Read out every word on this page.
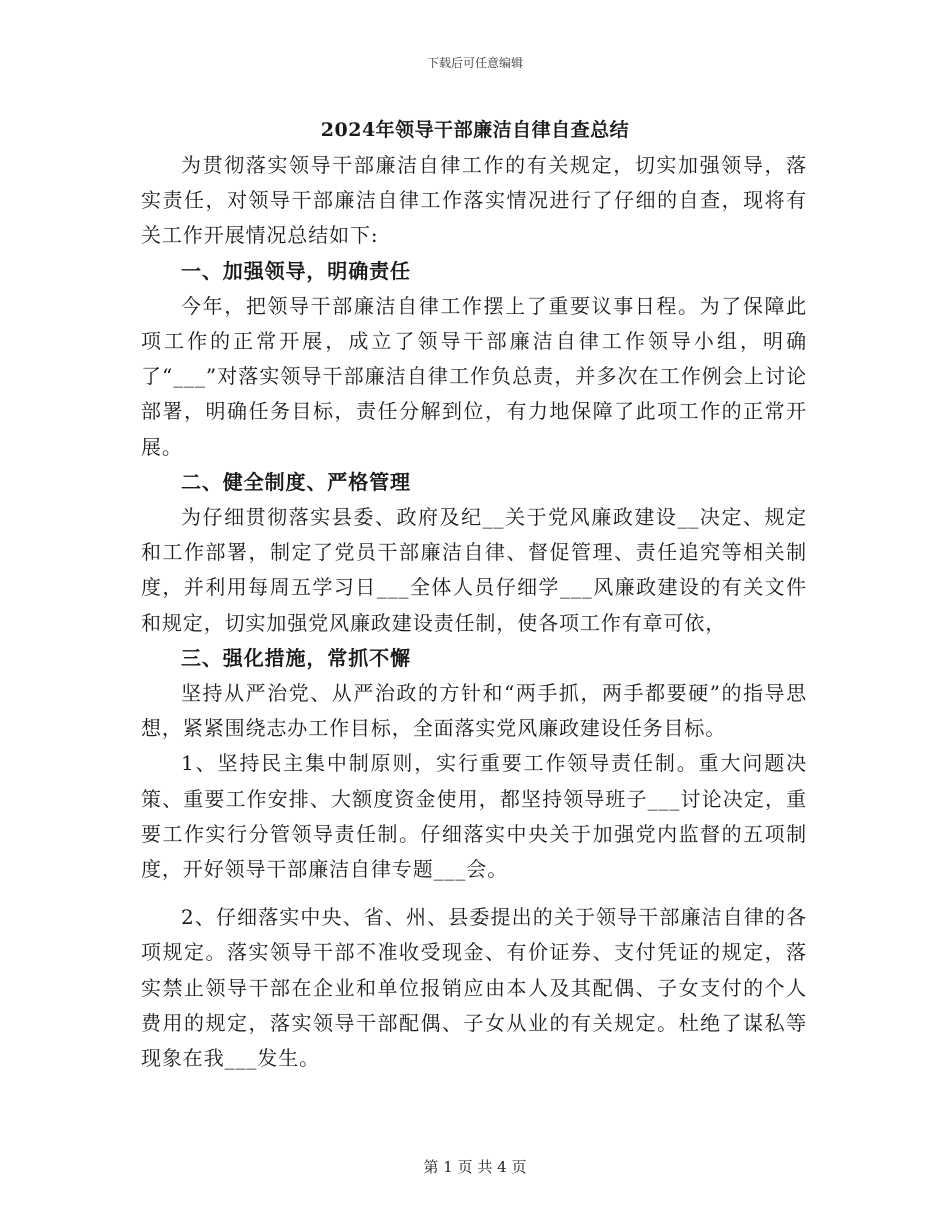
下载后可任意编辑
2024年领导干部廉洁自律自查总结

为贯彻落实领导干部廉洁自律工作的有关规定，切实加强领导，落实责任，对领导干部廉洁自律工作落实情况进行了仔细的自查，现将有关工作开展情况总结如下:

一、加强领导，明确责任

今年，把领导干部廉洁自律工作摆上了重要议事日程。为了保障此项工作的正常开展，成立了领导干部廉洁自律工作领导小组，明确了“___”对落实领导干部廉洁自律工作负总责，并多次在工作例会上讨论部署，明确任务目标，责任分解到位，有力地保障了此项工作的正常开展。

二、健全制度、严格管理

为仔细贯彻落实县委、政府及纪__关于党风廉政建设__决定、规定和工作部署，制定了党员干部廉洁自律、督促管理、责任追究等相关制度，并利用每周五学习日___全体人员仔细学___风廉政建设的有关文件和规定，切实加强党风廉政建设责任制，使各项工作有章可依，

三、强化措施，常抓不懈

坚持从严治党、从严治政的方针和“两手抓，两手都要硬”的指导思想，紧紧围绕志办工作目标，全面落实党风廉政建设任务目标。

1、坚持民主集中制原则，实行重要工作领导责任制。重大问题决策、重要工作安排、大额度资金使用，都坚持领导班子___讨论决定，重要工作实行分管领导责任制。仔细落实中央关于加强党内监督的五项制度，开好领导干部廉洁自律专题___会。

2、仔细落实中央、省、州、县委提出的关于领导干部廉洁自律的各项规定。落实领导干部不准收受现金、有价证券、支付凭证的规定，落实禁止领导干部在企业和单位报销应由本人及其配偶、子女支付的个人费用的规定，落实领导干部配偶、子女从业的有关规定。杜绝了谋私等现象在我___发生。

第 1 页 共 4 页
